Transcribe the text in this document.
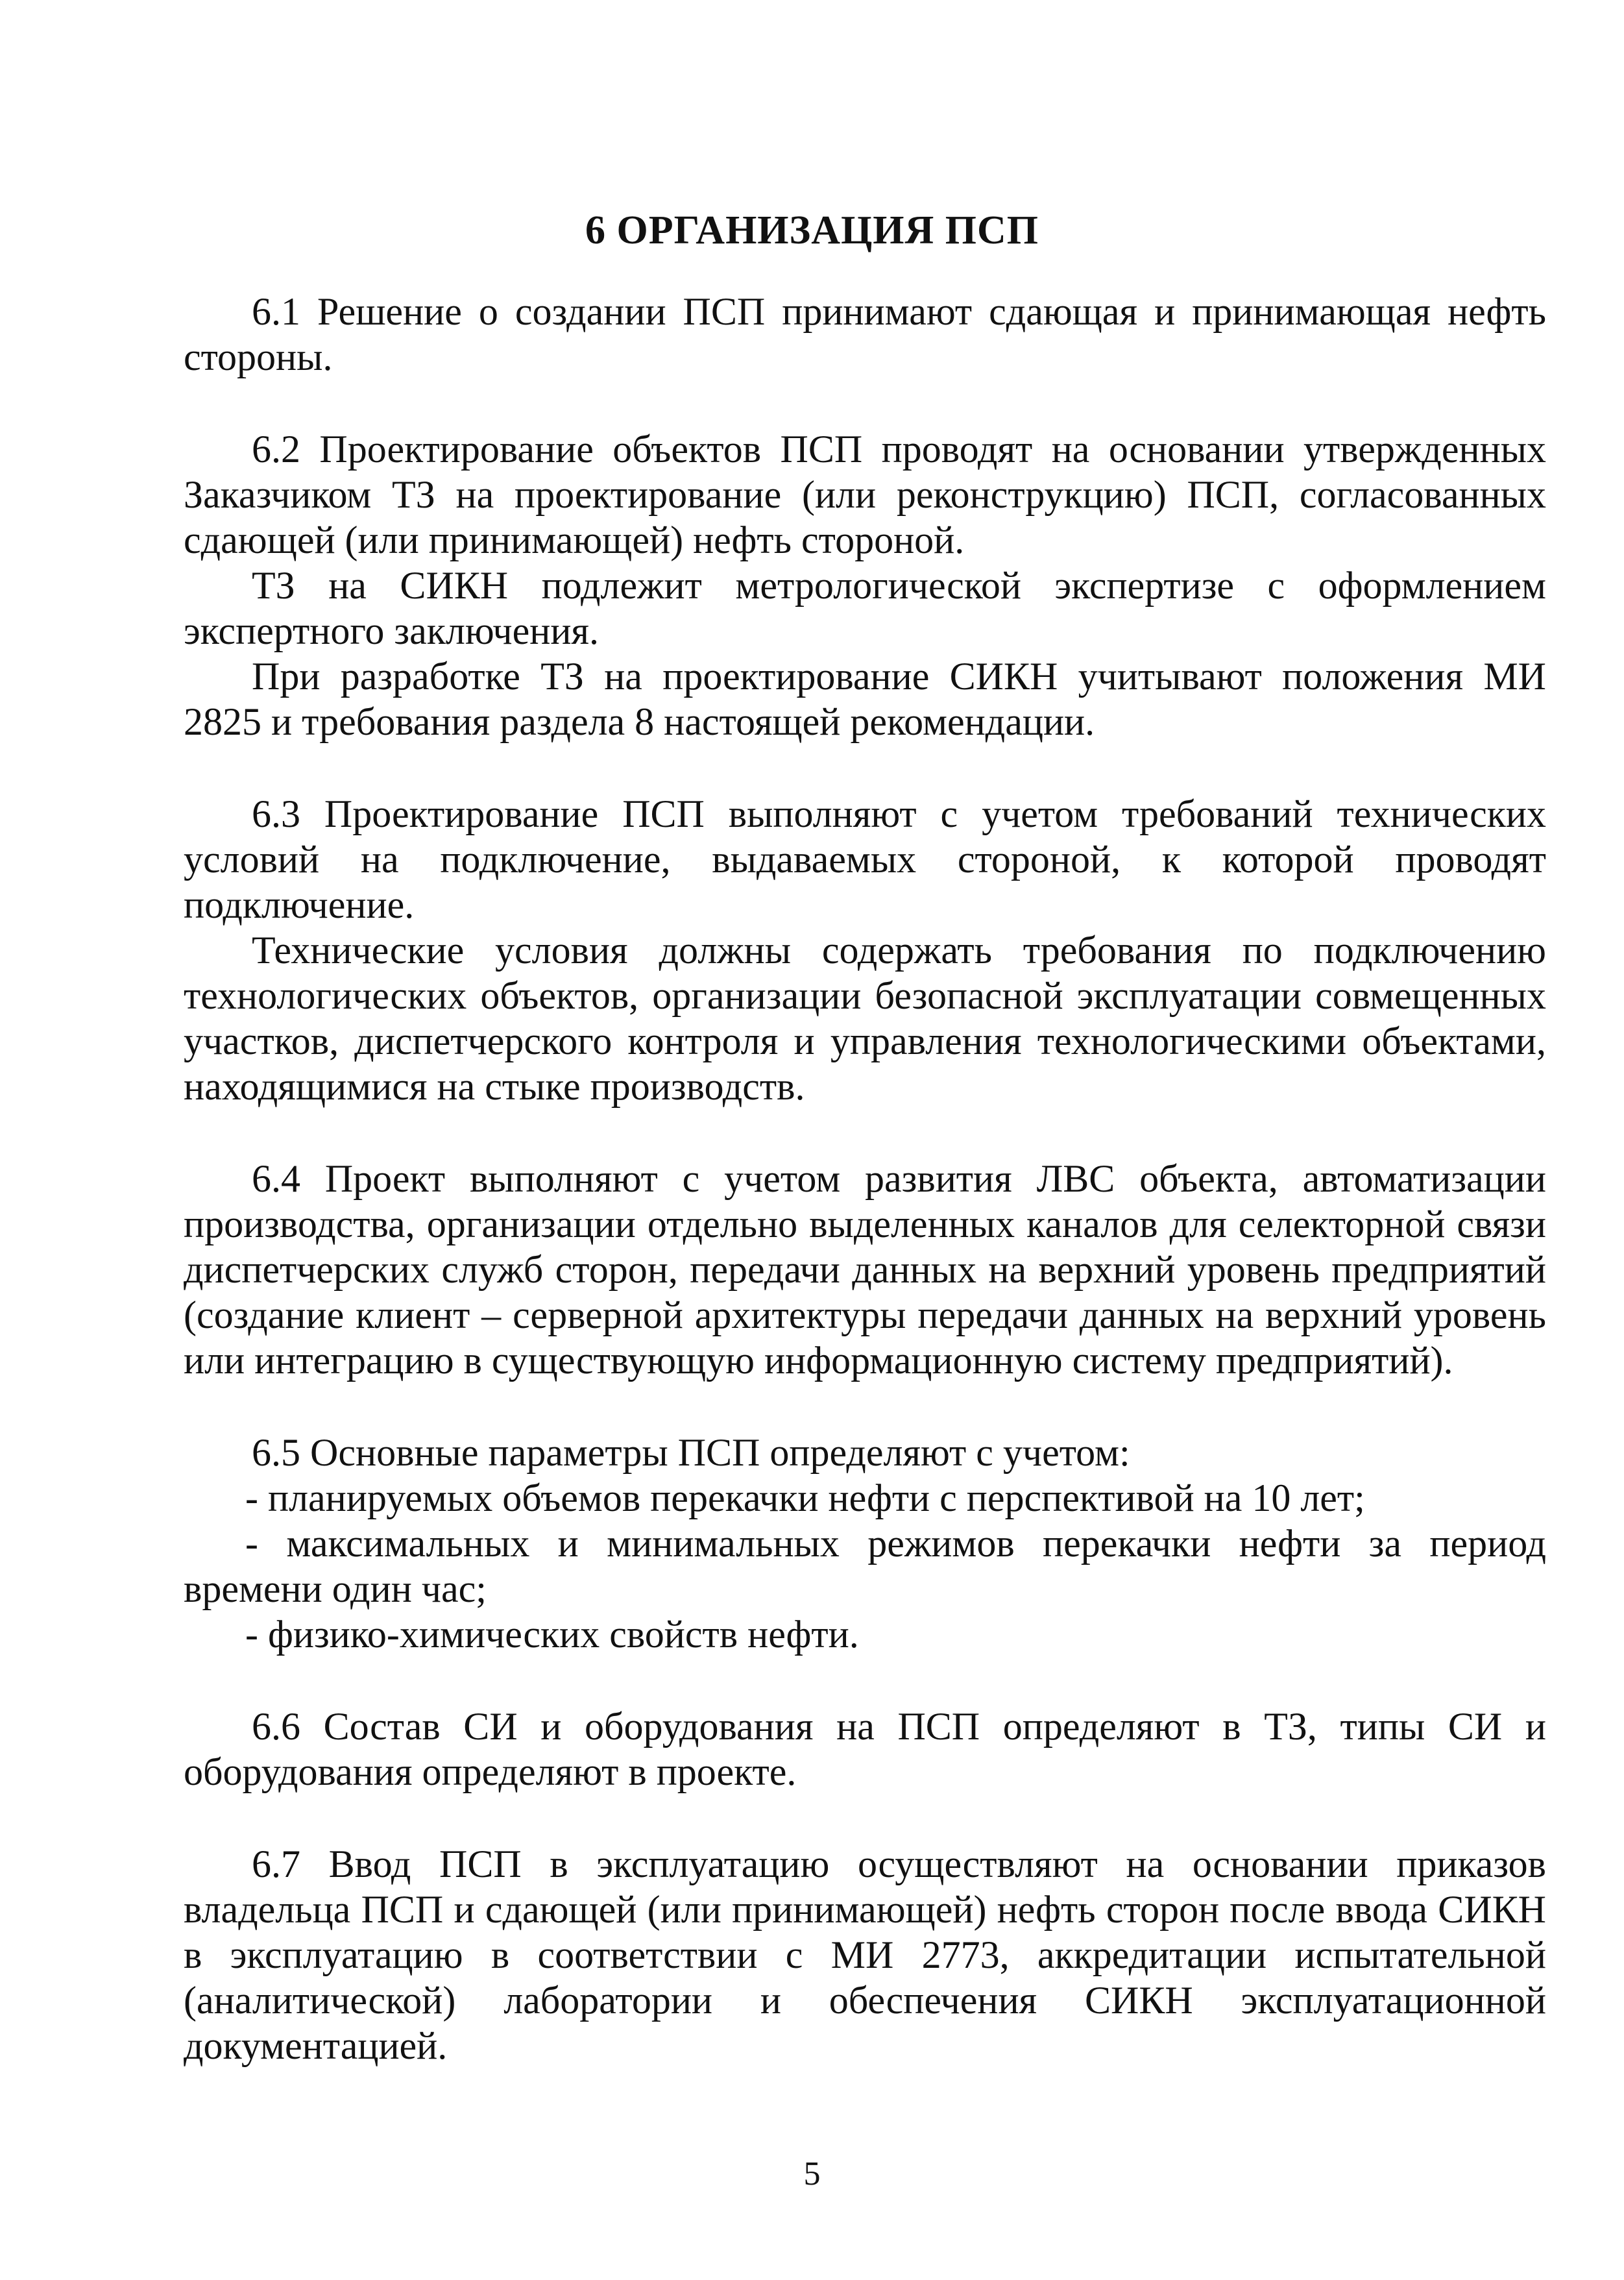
6 ОРГАНИЗАЦИЯ ПСП

6.1 Решение о создании ПСП принимают сдающая и принимающая нефть стороны.

6.2 Проектирование объектов ПСП проводят на основании утвержденных Заказчиком ТЗ на проектирование (или реконструкцию) ПСП, согласованных сдающей (или принимающей) нефть стороной.

ТЗ на СИКН подлежит метрологической экспертизе с оформлением экспертного заключения.

При разработке ТЗ на проектирование СИКН учитывают положения МИ 2825 и требования раздела 8 настоящей рекомендации.

6.3 Проектирование ПСП выполняют с учетом требований технических условий на подключение, выдаваемых стороной, к которой проводят подключение.

Технические условия должны содержать требования по подключению технологических объектов, организации безопасной эксплуатации совмещенных участков, диспетчерского контроля и управления технологическими объектами, находящимися на стыке производств.

6.4 Проект выполняют с учетом развития ЛВС объекта, автоматизации производства, организации отдельно выделенных каналов для селекторной связи диспетчерских служб сторон, передачи данных на верхний уровень предприятий (создание клиент – серверной архитектуры передачи данных на верхний уровень или интеграцию в существующую информационную систему предприятий).

6.5 Основные параметры ПСП определяют с учетом:

- планируемых объемов перекачки нефти с перспективой на 10 лет;

- максимальных и минимальных режимов перекачки нефти за период времени один час;

- физико-химических свойств нефти.

6.6 Состав СИ и оборудования на ПСП определяют в ТЗ, типы СИ и оборудования определяют в проекте.

6.7 Ввод ПСП в эксплуатацию осуществляют на основании приказов владельца ПСП и сдающей (или принимающей) нефть сторон после ввода СИКН в эксплуатацию в соответствии с МИ 2773, аккредитации испытательной (аналитической) лаборатории и обеспечения СИКН эксплуатационной документацией.

5
